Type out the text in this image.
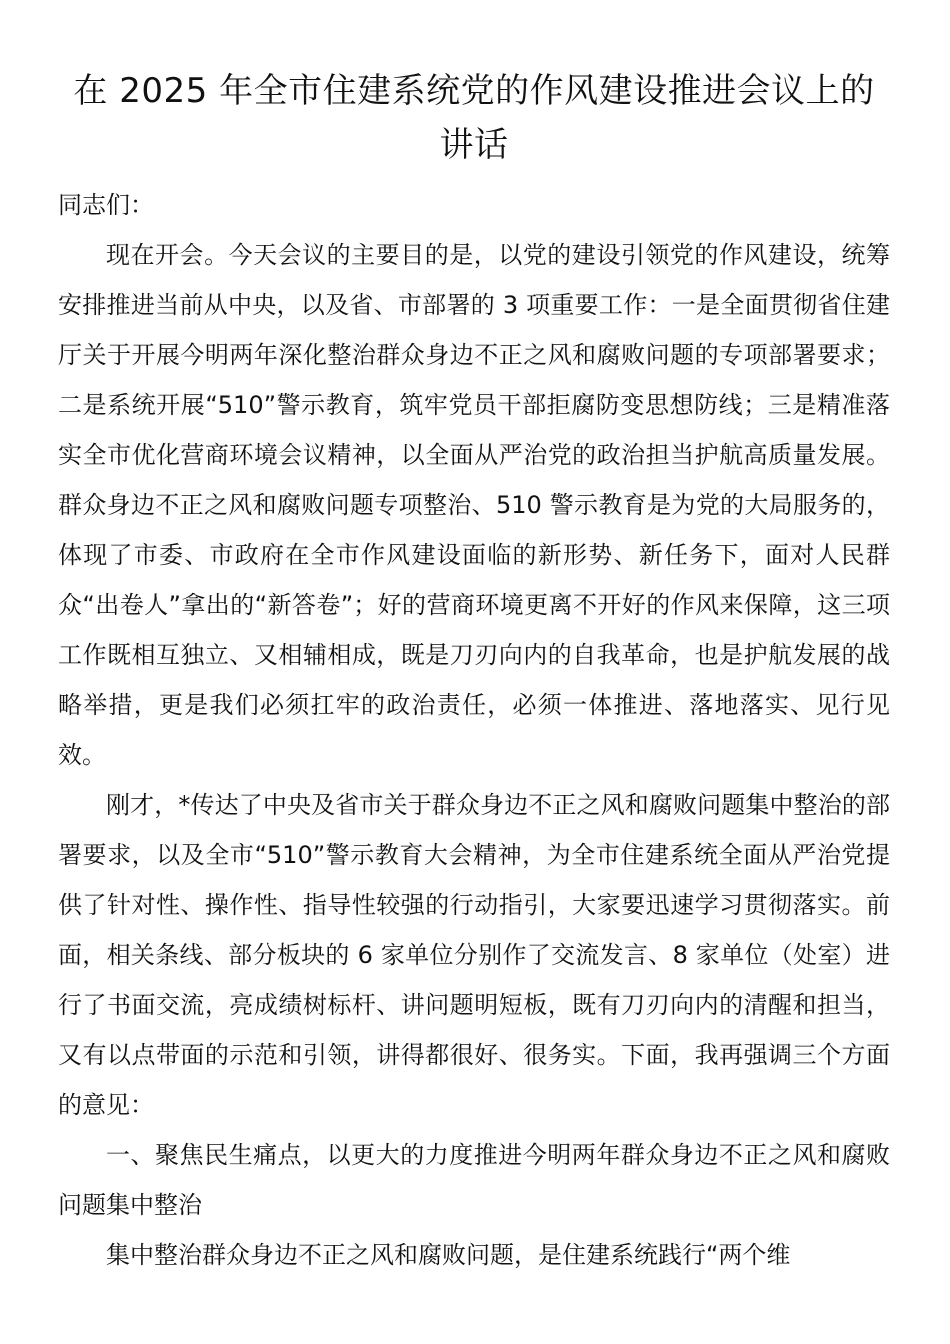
在 2025 年全市住建系统党的作风建设推进会议上的
讲话

同志们：

现在开会。今天会议的主要目的是，以党的建设引领党的作风建设，统筹安排推进当前从中央，以及省、市部署的 3 项重要工作：一是全面贯彻省住建厅关于开展今明两年深化整治群众身边不正之风和腐败问题的专项部署要求；二是系统开展“510”警示教育，筑牢党员干部拒腐防变思想防线；三是精准落实全市优化营商环境会议精神，以全面从严治党的政治担当护航高质量发展。群众身边不正之风和腐败问题专项整治、510 警示教育是为党的大局服务的，体现了市委、市政府在全市作风建设面临的新形势、新任务下，面对人民群众“出卷人”拿出的“新答卷”；好的营商环境更离不开好的作风来保障，这三项工作既相互独立、又相辅相成，既是刀刃向内的自我革命，也是护航发展的战略举措，更是我们必须扛牢的政治责任，必须一体推进、落地落实、见行见效。

刚才，*传达了中央及省市关于群众身边不正之风和腐败问题集中整治的部署要求，以及全市“510”警示教育大会精神，为全市住建系统全面从严治党提供了针对性、操作性、指导性较强的行动指引，大家要迅速学习贯彻落实。前面，相关条线、部分板块的 6 家单位分别作了交流发言、8 家单位（处室）进行了书面交流，亮成绩树标杆、讲问题明短板，既有刀刃向内的清醒和担当，又有以点带面的示范和引领，讲得都很好、很务实。下面，我再强调三个方面的意见：

一、聚焦民生痛点，以更大的力度推进今明两年群众身边不正之风和腐败问题集中整治

集中整治群众身边不正之风和腐败问题，是住建系统践行“两个维
